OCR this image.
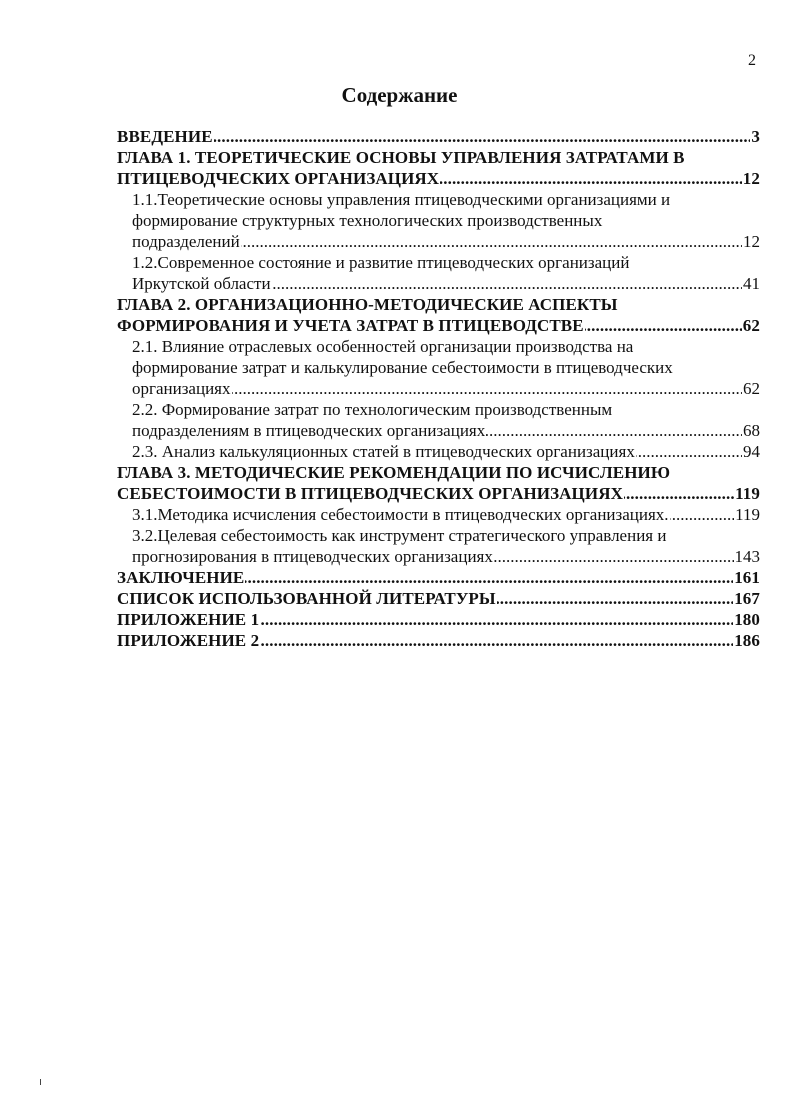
2
Содержание
.....
ВВЕДЕНИЕ	3
ГЛАВА 1. ТЕОРЕТИЧЕСКИЕ ОСНОВЫ УПРАВЛЕНИЯ ЗАТРАТАМИ В
.....
ПТИЦЕВОДЧЕСКИХ ОРГАНИЗАЦИЯХ	12
1.1.Теоретические основы управления птицеводческими организациями и
формирование структурных технологических производственных
.....
подразделений	12
1.2.Современное состояние и развитие птицеводческих организаций
.....
Иркутской области	41
ГЛАВА 2. ОРГАНИЗАЦИОННО-МЕТОДИЧЕСКИЕ АСПЕКТЫ
.....
ФОРМИРОВАНИЯ И УЧЕТА ЗАТРАТ В ПТИЦЕВОДСТВЕ	62
2.1. Влияние отраслевых особенностей организации производства на
формирование затрат и калькулирование себестоимости в птицеводческих
.....
организациях	62
2.2. Формирование затрат по технологическим производственным
.....
подразделениям в птицеводческих организациях	68
.....
2.3. Анализ калькуляционных статей в птицеводческих организациях	94
ГЛАВА 3. МЕТОДИЧЕСКИЕ РЕКОМЕНДАЦИИ ПО ИСЧИСЛЕНИЮ
.....
СЕБЕСТОИМОСТИ В ПТИЦЕВОДЧЕСКИХ ОРГАНИЗАЦИЯХ	119
.....
3.1.Методика исчисления себестоимости в птицеводческих организациях.	119
3.2.Целевая себестоимость как инструмент стратегического управления и
.....
прогнозирования в птицеводческих организациях	143
.....
ЗАКЛЮЧЕНИЕ	161
.....
СПИСОК ИСПОЛЬЗОВАННОЙ ЛИТЕРАТУРЫ	167
.....
ПРИЛОЖЕНИЕ 1	180
.....
ПРИЛОЖЕНИЕ 2	186
